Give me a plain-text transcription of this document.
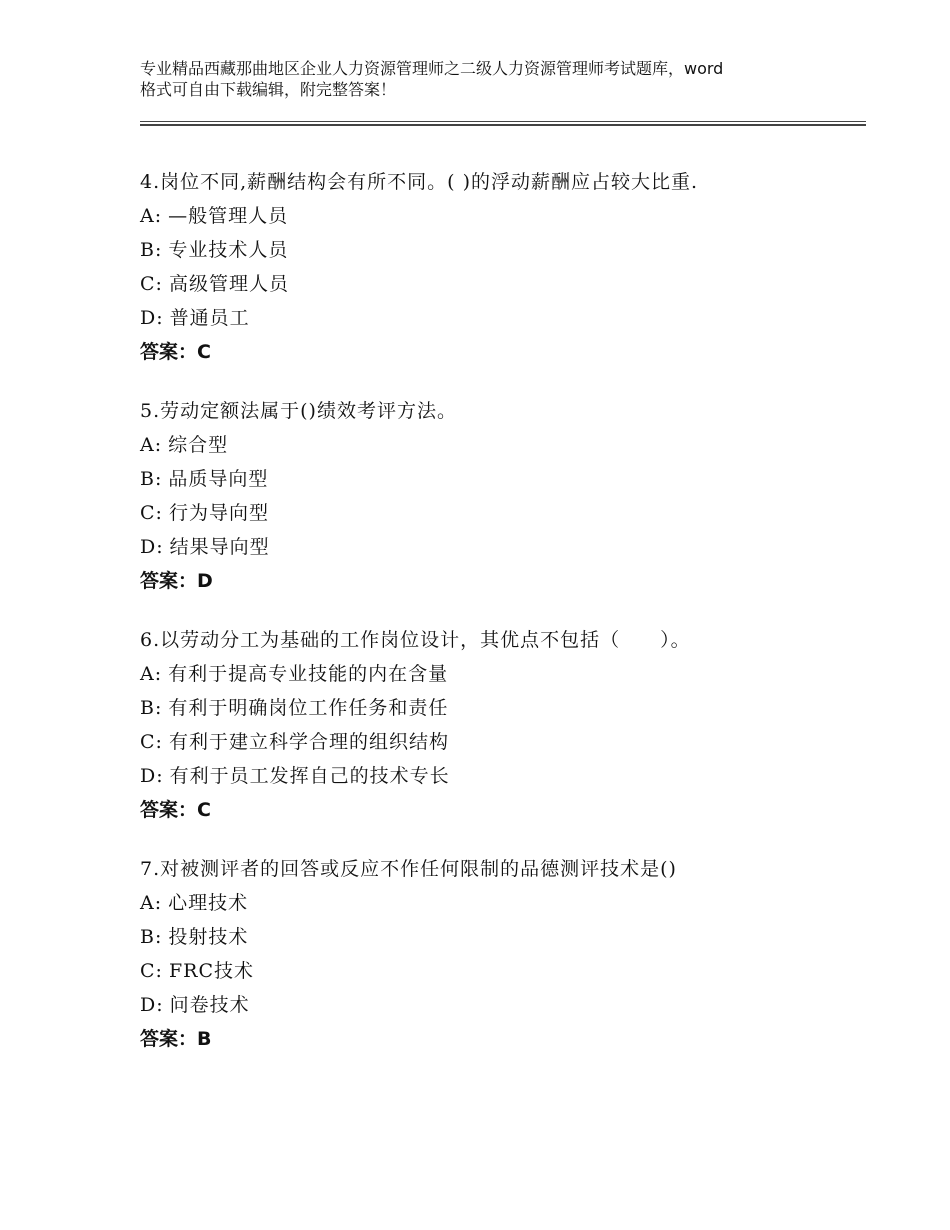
专业精品西藏那曲地区企业人力资源管理师之二级人力资源管理师考试题库，word
格式可自由下载编辑，附完整答案！
4.岗位不同,薪酬结构会有所不同。( )的浮动薪酬应占较大比重.
A: —般管理人员
B: 专业技术人员
C: 高级管理人员
D: 普通员工
答案：C
5.劳动定额法属于()绩效考评方法。
A: 综合型
B: 品质导向型
C: 行为导向型
D: 结果导向型
答案：D
6.以劳动分工为基础的工作岗位设计，其优点不包括（　　）。
A: 有利于提高专业技能的内在含量
B: 有利于明确岗位工作任务和责任
C: 有利于建立科学合理的组织结构
D: 有利于员工发挥自己的技术专长
答案：C
7.对被测评者的回答或反应不作任何限制的品德测评技术是()
A: 心理技术
B: 投射技术
C: FRC技术
D: 问卷技术
答案：B
